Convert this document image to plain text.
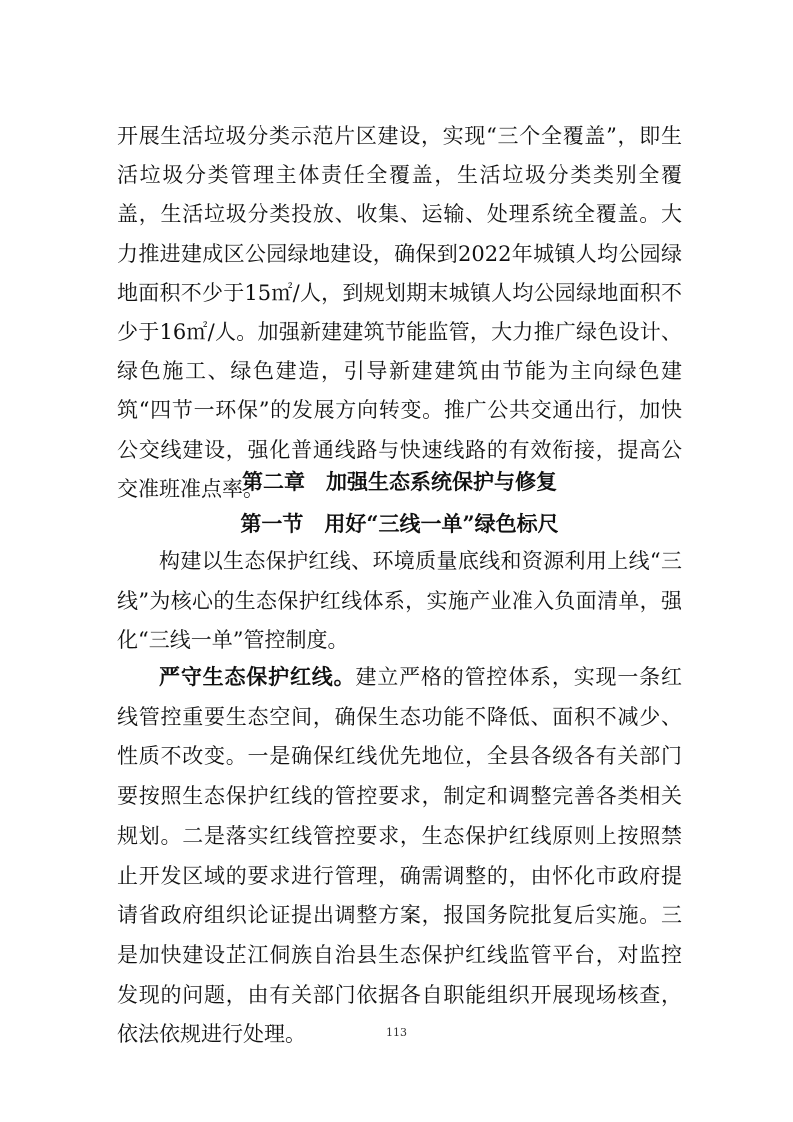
开展生活垃圾分类示范片区建设，实现“三个全覆盖”，即生活垃圾分类管理主体责任全覆盖，生活垃圾分类类别全覆盖，生活垃圾分类投放、收集、运输、处理系统全覆盖。大力推进建成区公园绿地建设，确保到2022年城镇人均公园绿地面积不少于15㎡/人，到规划期末城镇人均公园绿地面积不少于16㎡/人。加强新建建筑节能监管，大力推广绿色设计、绿色施工、绿色建造，引导新建建筑由节能为主向绿色建筑“四节一环保”的发展方向转变。推广公共交通出行，加快公交线建设，强化普通线路与快速线路的有效衔接，提高公交准班准点率。

第二章　加强生态系统保护与修复
第一节　用好“三线一单”绿色标尺

构建以生态保护红线、环境质量底线和资源利用上线“三线”为核心的生态保护红线体系，实施产业准入负面清单，强化“三线一单”管控制度。

严守生态保护红线。建立严格的管控体系，实现一条红线管控重要生态空间，确保生态功能不降低、面积不减少、性质不改变。一是确保红线优先地位，全县各级各有关部门要按照生态保护红线的管控要求，制定和调整完善各类相关规划。二是落实红线管控要求，生态保护红线原则上按照禁止开发区域的要求进行管理，确需调整的，由怀化市政府提请省政府组织论证提出调整方案，报国务院批复后实施。三是加快建设芷江侗族自治县生态保护红线监管平台，对监控发现的问题，由有关部门依据各自职能组织开展现场核查，依法依规进行处理。	113
